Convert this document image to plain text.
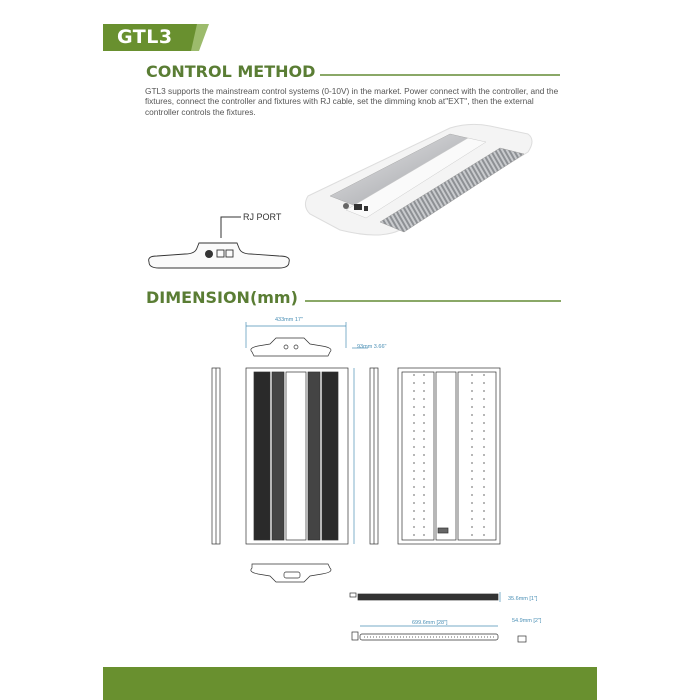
GTL3
CONTROL METHOD
GTL3 supports the mainstream control systems (0-10V) in the market. Power connect with the controller, and the fixtures, connect the controller and fixtures with RJ cable, set the dimming knob at"EXT", then the external controller controls the fixtures.
RJ PORT
DIMENSION(mm)
433mm 17"
93mm 3.66"
35.6mm [1"]
699.6mm [28"]	54.9mm [2"]
